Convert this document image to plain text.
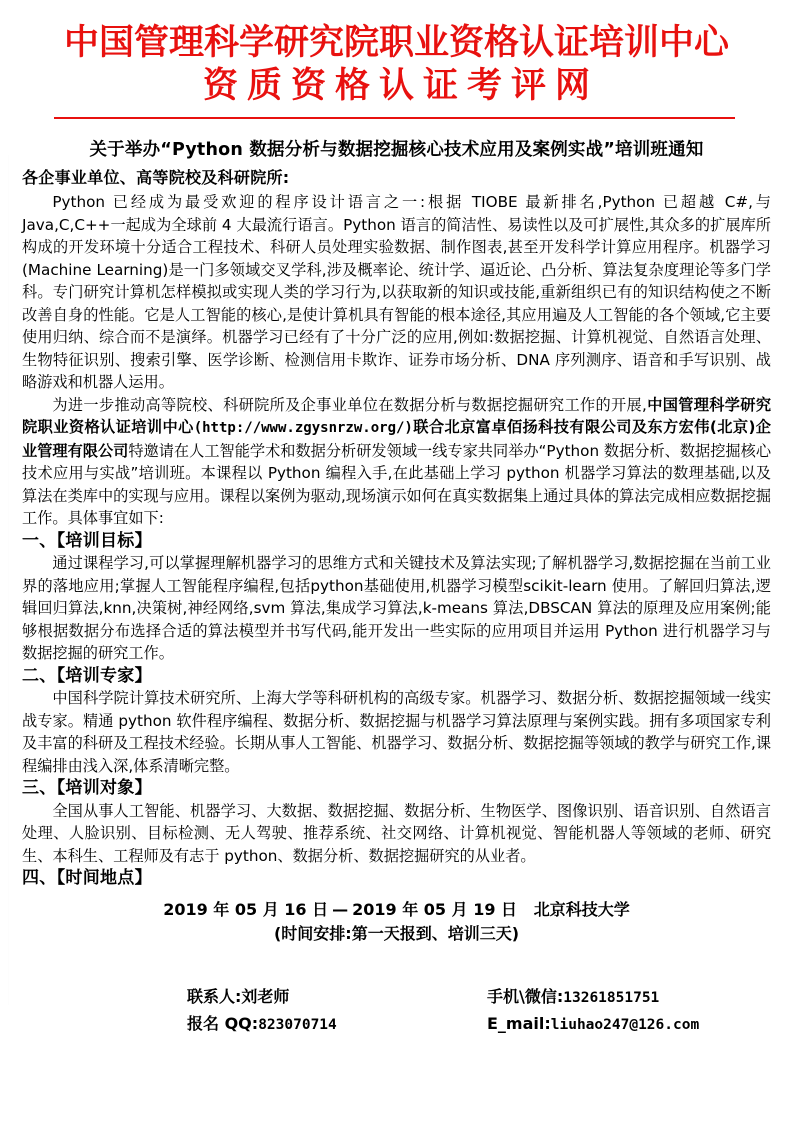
中国管理科学研究院职业资格认证培训中心
资质资格认证考评网
关于举办“Python 数据分析与数据挖掘核心技术应用及案例实战”培训班通知
各企事业单位、高等院校及科研院所:

Python 已经成为最受欢迎的程序设计语言之一:根据 TIOBE 最新排名,Python 已超越 C#,与 Java,C,C++一起成为全球前 4 大最流行语言。Python 语言的简洁性、易读性以及可扩展性,其众多的扩展库所构成的开发环境十分适合工程技术、科研人员处理实验数据、制作图表,甚至开发科学计算应用程序。机器学习(Machine Learning)是一门多领域交叉学科,涉及概率论、统计学、逼近论、凸分析、算法复杂度理论等多门学科。专门研究计算机怎样模拟或实现人类的学习行为,以获取新的知识或技能,重新组织已有的知识结构使之不断改善自身的性能。它是人工智能的核心,是使计算机具有智能的根本途径,其应用遍及人工智能的各个领域,它主要使用归纳、综合而不是演绎。机器学习已经有了十分广泛的应用,例如:数据挖掘、计算机视觉、自然语言处理、生物特征识别、搜索引擎、医学诊断、检测信用卡欺诈、证券市场分析、DNA 序列测序、语音和手写识别、战略游戏和机器人运用。

为进一步推动高等院校、科研院所及企事业单位在数据分析与数据挖掘研究工作的开展,中国管理科学研究院职业资格认证培训中心(http://www.zgysnrzw.org/)联合北京富卓佰扬科技有限公司及东方宏伟(北京)企业管理有限公司特邀请在人工智能学术和数据分析研发领域一线专家共同举办“Python 数据分析、数据挖掘核心技术应用与实战”培训班。本课程以 Python 编程入手,在此基础上学习 python 机器学习算法的数理基础,以及算法在类库中的实现与应用。课程以案例为驱动,现场演示如何在真实数据集上通过具体的算法完成相应数据挖掘工作。具体事宜如下:

一、【培训目标】

通过课程学习,可以掌握理解机器学习的思维方式和关键技术及算法实现;了解机器学习,数据挖掘在当前工业界的落地应用;掌握人工智能程序编程,包括python基础使用,机器学习模型scikit-learn 使用。了解回归算法,逻辑回归算法,knn,决策树,神经网络,svm 算法,集成学习算法,k-means 算法,DBSCAN 算法的原理及应用案例;能够根据数据分布选择合适的算法模型并书写代码,能开发出一些实际的应用项目并运用 Python 进行机器学习与数据挖掘的研究工作。

二、【培训专家】

中国科学院计算技术研究所、上海大学等科研机构的高级专家。机器学习、数据分析、数据挖掘领域一线实战专家。精通 python 软件程序编程、数据分析、数据挖掘与机器学习算法原理与案例实践。拥有多项国家专利及丰富的科研及工程技术经验。长期从事人工智能、机器学习、数据分析、数据挖掘等领域的教学与研究工作,课程编排由浅入深,体系清晰完整。

三、【培训对象】

全国从事人工智能、机器学习、大数据、数据挖掘、数据分析、生物医学、图像识别、语音识别、自然语言处理、人脸识别、目标检测、无人驾驶、推荐系统、社交网络、计算机视觉、智能机器人等领域的老师、研究生、本科生、工程师及有志于 python、数据分析、数据挖掘研究的从业者。

四、【时间地点】
2019 年 05 月 16 日 — 2019 年 05 月 19 日 北京科技大学
(时间安排:第一天报到、培训三天)
联系人:刘老师	手机\微信:13261851751
报名 QQ:823070714	E_mail:liuhao247@126.com
